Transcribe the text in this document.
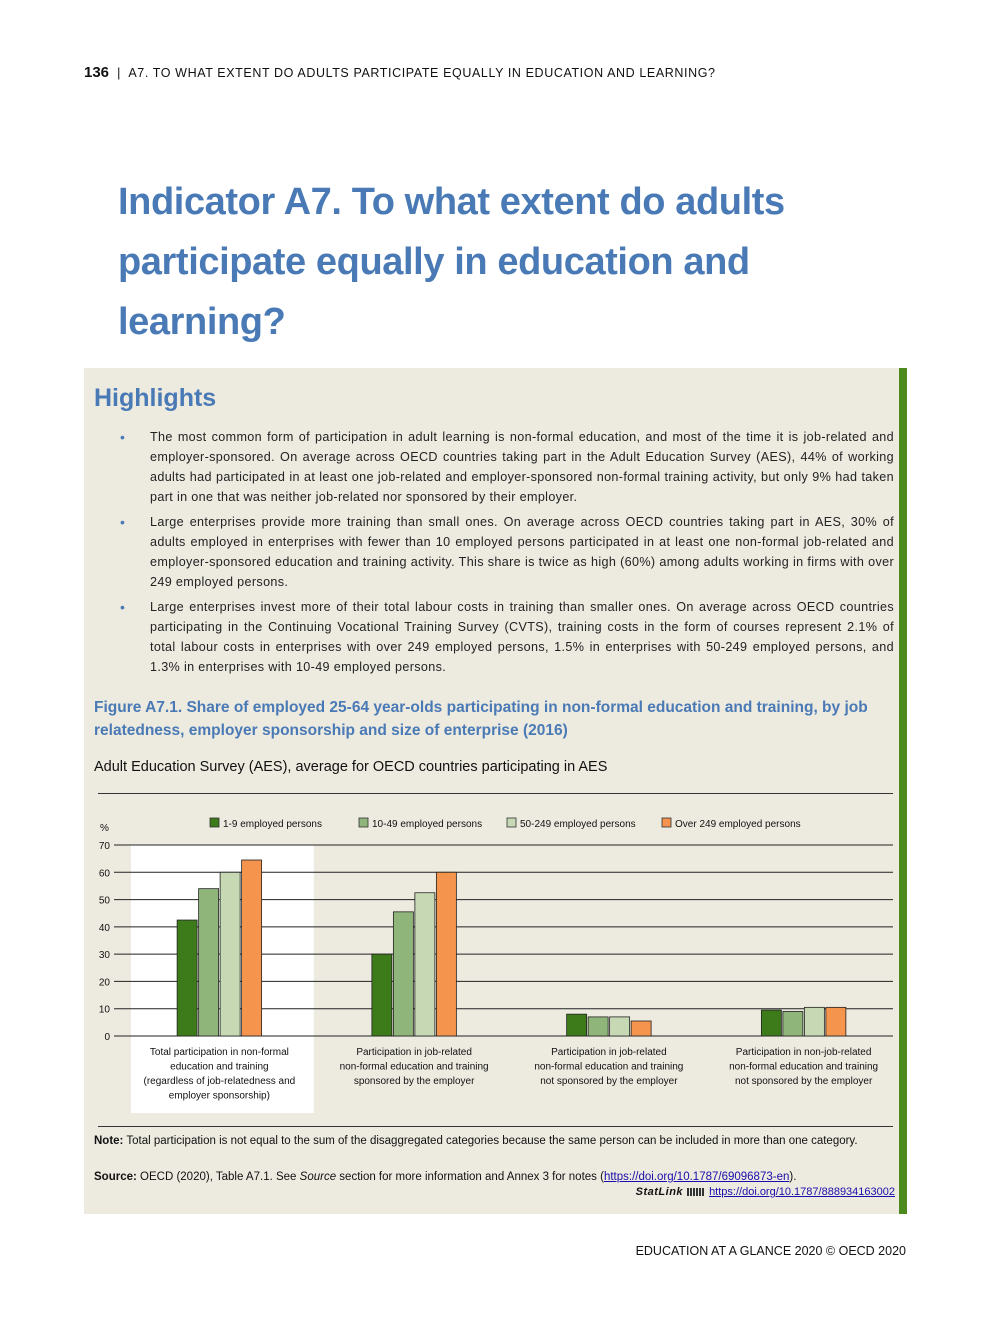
136 | A7. TO WHAT EXTENT DO ADULTS PARTICIPATE EQUALLY IN EDUCATION AND LEARNING?
Indicator A7. To what extent do adults participate equally in education and learning?
Highlights
• The most common form of participation in adult learning is non-formal education, and most of the time it is job-related and employer-sponsored. On average across OECD countries taking part in the Adult Education Survey (AES), 44% of working adults had participated in at least one job-related and employer-sponsored non-formal training activity, but only 9% had taken part in one that was neither job-related nor sponsored by their employer.
• Large enterprises provide more training than small ones. On average across OECD countries taking part in AES, 30% of adults employed in enterprises with fewer than 10 employed persons participated in at least one non-formal job-related and employer-sponsored education and training activity. This share is twice as high (60%) among adults working in firms with over 249 employed persons.
• Large enterprises invest more of their total labour costs in training than smaller ones. On average across OECD countries participating in the Continuing Vocational Training Survey (CVTS), training costs in the form of courses represent 2.1% of total labour costs in enterprises with over 249 employed persons, 1.5% in enterprises with 50-249 employed persons, and 1.3% in enterprises with 10-49 employed persons.
Figure A7.1. Share of employed 25-64 year-olds participating in non-formal education and training, by job relatedness, employer sponsorship and size of enterprise (2016)
Adult Education Survey (AES), average for OECD countries participating in AES
0
10
20
30
40
50
60
70
%	1-9 employed persons	10-49 employed persons	50-249 employed persons	Over 249 employed persons
Total participation in non-formal
education and training
(regardless of job-relatedness and
employer sponsorship)
Participation in job-related
non-formal education and training
sponsored by the employer
Participation in job-related
non-formal education and training
not sponsored by the employer
Participation in non-job-related
non-formal education and training
not sponsored by the employer
Note: Total participation is not equal to the sum of the disaggregated categories because the same person can be included in more than one category.
Source: OECD (2020), Table A7.1. See Source section for more information and Annex 3 for notes (https://doi.org/10.1787/69096873-en).
StatLink https://doi.org/10.1787/888934163002
EDUCATION AT A GLANCE 2020 © OECD 2020
